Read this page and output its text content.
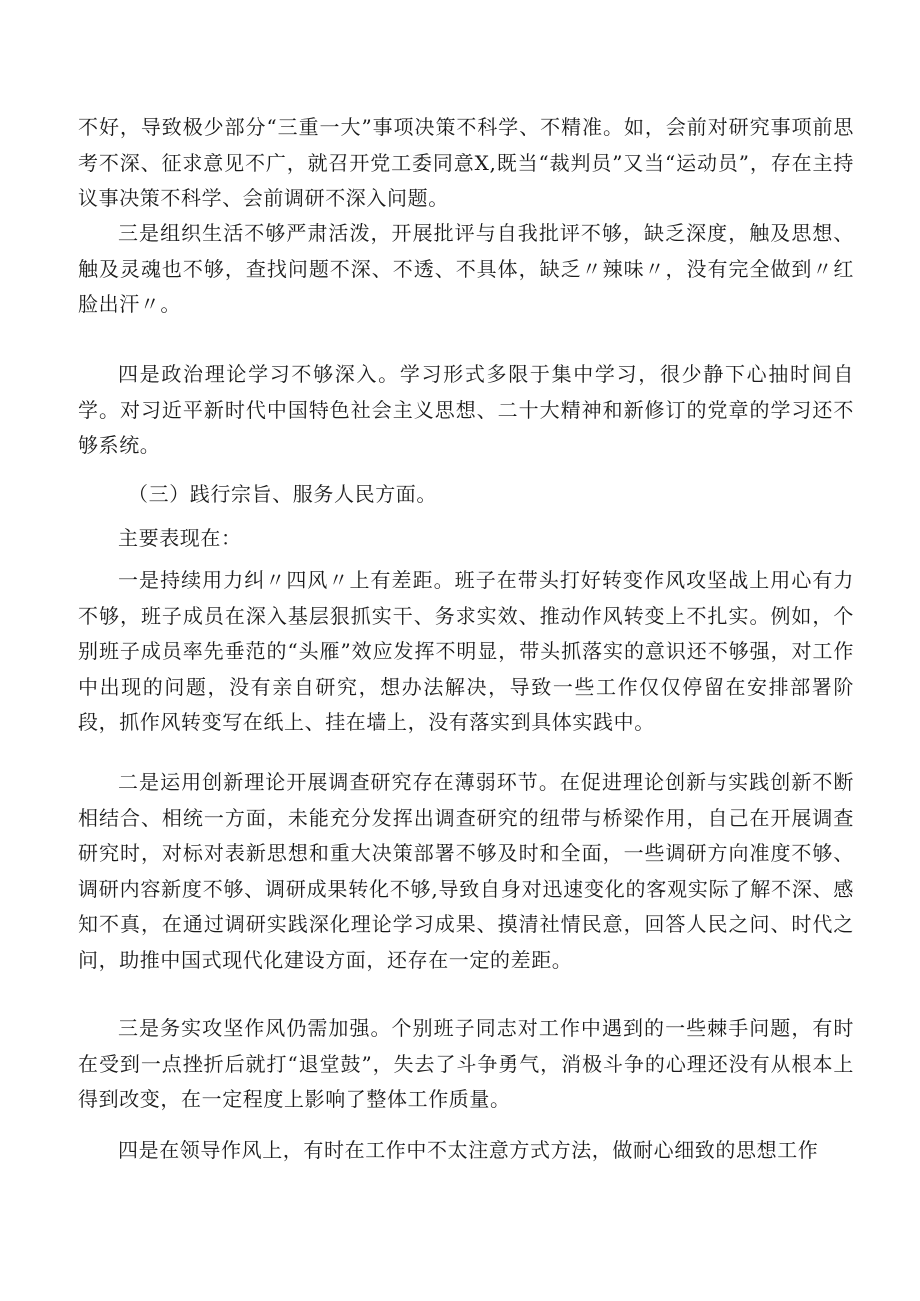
不好，导致极少部分“三重一大”事项决策不科学、不精准。如，会前对研究事项前思考不深、征求意见不广，就召开党工委同意X,既当“裁判员”又当“运动员”，存在主持议事决策不科学、会前调研不深入问题。

三是组织生活不够严肃活泼，开展批评与自我批评不够，缺乏深度，触及思想、触及灵魂也不够，查找问题不深、不透、不具体，缺乏〃辣味〃，没有完全做到〃红脸出汗〃。

四是政治理论学习不够深入。学习形式多限于集中学习，很少静下心抽时间自学。对习近平新时代中国特色社会主义思想、二十大精神和新修订的党章的学习还不够系统。

（三）践行宗旨、服务人民方面。

主要表现在：

一是持续用力纠〃四风〃上有差距。班子在带头打好转变作风攻坚战上用心有力不够，班子成员在深入基层狠抓实干、务求实效、推动作风转变上不扎实。例如，个别班子成员率先垂范的“头雁”效应发挥不明显，带头抓落实的意识还不够强，对工作中出现的问题，没有亲自研究，想办法解决，导致一些工作仅仅停留在安排部署阶段，抓作风转变写在纸上、挂在墙上，没有落实到具体实践中。

二是运用创新理论开展调查研究存在薄弱环节。在促进理论创新与实践创新不断相结合、相统一方面，未能充分发挥出调查研究的纽带与桥梁作用，自己在开展调查研究时，对标对表新思想和重大决策部署不够及时和全面，一些调研方向准度不够、调研内容新度不够、调研成果转化不够,导致自身对迅速变化的客观实际了解不深、感知不真，在通过调研实践深化理论学习成果、摸清社情民意，回答人民之问、时代之问，助推中国式现代化建设方面，还存在一定的差距。

三是务实攻坚作风仍需加强。个别班子同志对工作中遇到的一些棘手问题，有时在受到一点挫折后就打“退堂鼓”，失去了斗争勇气，消极斗争的心理还没有从根本上得到改变，在一定程度上影响了整体工作质量。

四是在领导作风上，有时在工作中不太注意方式方法，做耐心细致的思想工作
